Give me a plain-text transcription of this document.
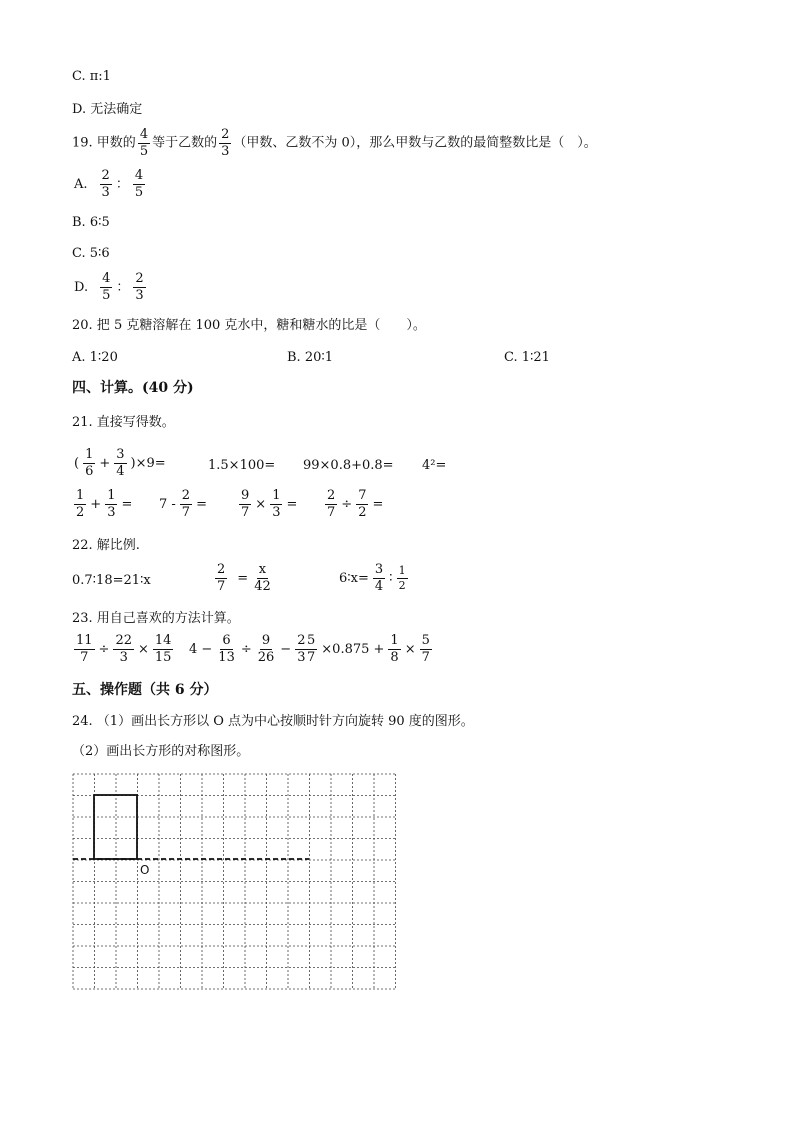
C. π:1
D. 无法确定
19. 甲数的 $\frac{4}{5}$ 等于乙数的 $\frac{2}{3}$ （甲数、乙数不为 0），那么甲数与乙数的最简整数比是（　）。
A. $\frac{2}{3}$ ： $\frac{4}{5}$
B. 6∶5
C. 5∶6
D. $\frac{4}{5}$ ： $\frac{2}{3}$
20. 把 5 克糖溶解在 100 克水中，糖和糖水的比是（　　）。
A. 1∶20	B. 20∶1	C. 1∶21
四、计算。(40 分)
21. 直接写得数。
( $\frac{1}{6} + \frac{3}{4} )\times 9=$	1.5×100= 99×0.8+0.8= 4²=
$\frac{1}{2} + \frac{1}{3} = 7 - \frac{2}{7} = \frac{9}{7} \times \frac{1}{3} = \frac{2}{7} \div \frac{7}{2}$ =
22. 解比例.
0.7∶18=21∶x	$\frac{2}{7} = \frac{x}{42}$	6∶x= $\frac{3}{4}$ ∶ $\frac{1}{2}$
23. 用自己喜欢的方法计算。
$\frac{11}{7} \div \frac{22}{3} \times \frac{14}{15} 4 - \frac{6}{13} \div \frac{9}{26} - \frac{2}{3}$
$\frac{5}{7} \times 0.875 + \frac{1}{8} \times \frac{5}{7}$
五、操作题（共 6 分）
24. （1）画出长方形以 O 点为中心按顺时针方向旋转 90 度的图形。
（2）画出长方形的对称图形。
O
